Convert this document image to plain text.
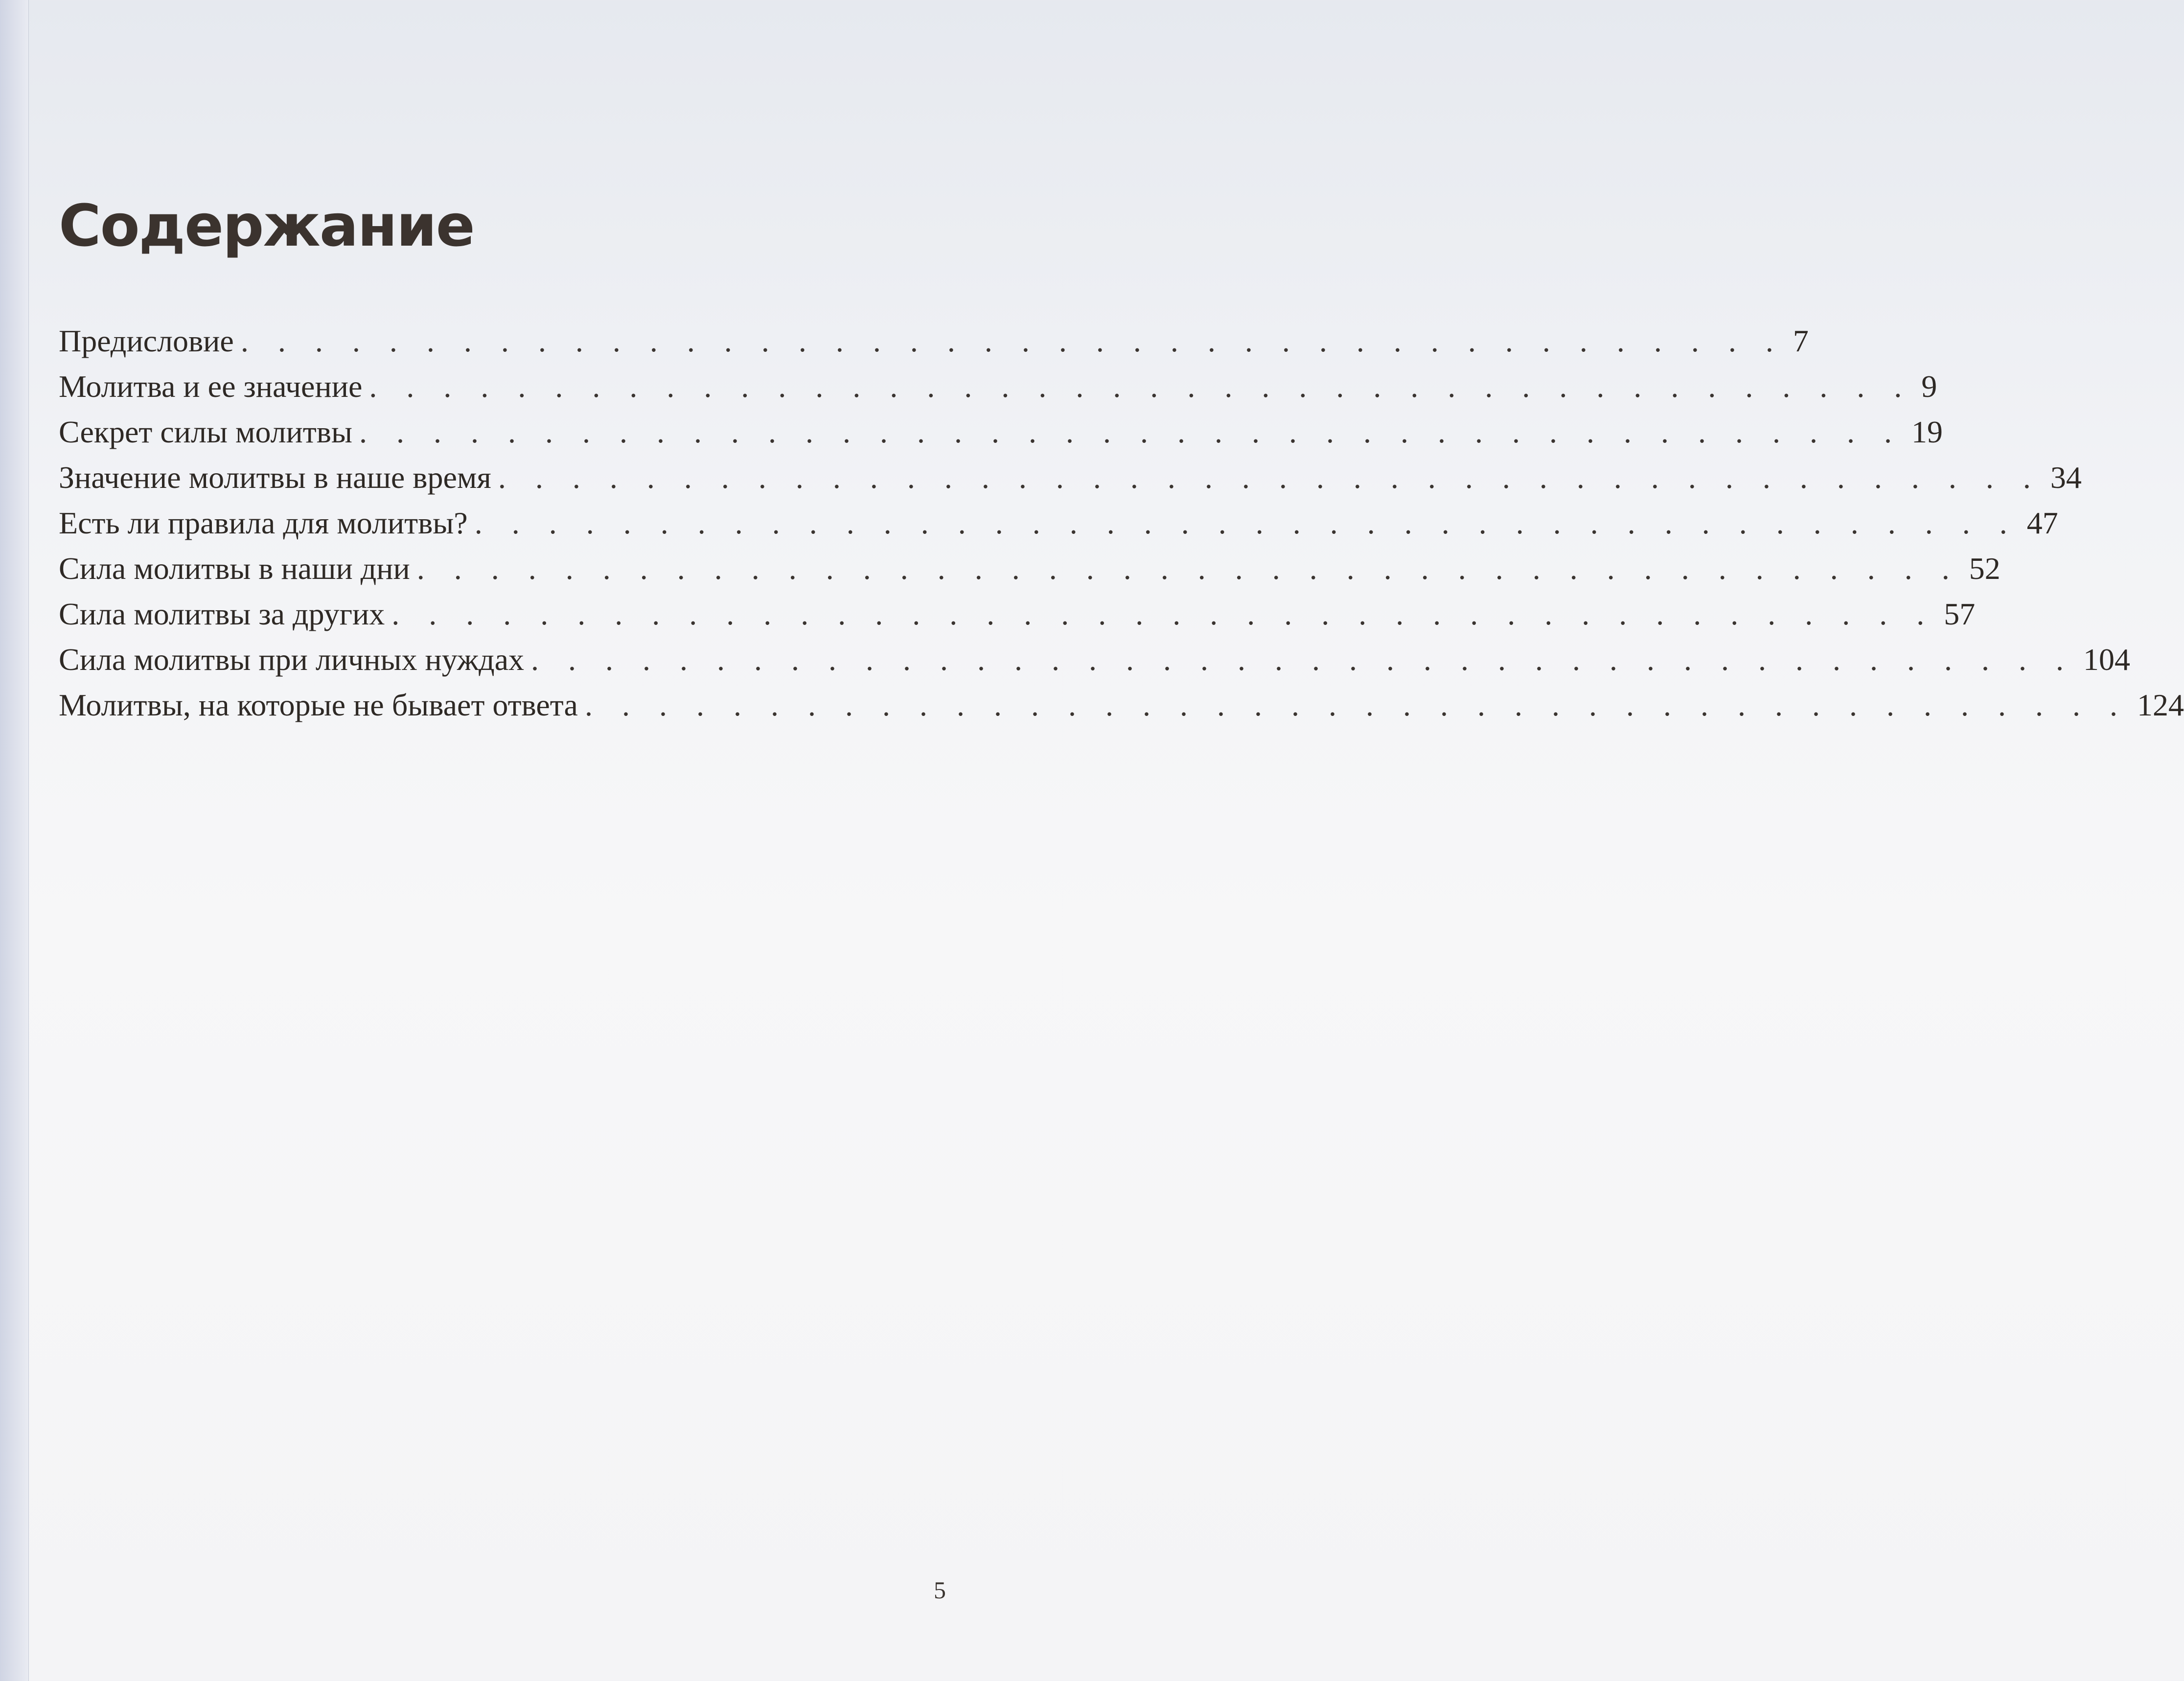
Содержание
Предисловие . . . . . . . . . . . . . . . . . . . . . . . . . . . . . . . . . . . . . . . . . . 7
Молитва и ее значение . . . . . . . . . . . . . . . . . . . . . . . . . . . . . . . . . . . . . . . . . . 9
Секрет силы молитвы . . . . . . . . . . . . . . . . . . . . . . . . . . . . . . . . . . . . . . . . . . 19
Значение молитвы в наше время . . . . . . . . . . . . . . . . . . . . . . . . . . . . . . . . . . . . . . . . . . 34
Есть ли правила для молитвы? . . . . . . . . . . . . . . . . . . . . . . . . . . . . . . . . . . . . . . . . . . 47
Сила молитвы в наши дни . . . . . . . . . . . . . . . . . . . . . . . . . . . . . . . . . . . . . . . . . . 52
Сила молитвы за других . . . . . . . . . . . . . . . . . . . . . . . . . . . . . . . . . . . . . . . . . . 57
Сила молитвы при личных нуждах . . . . . . . . . . . . . . . . . . . . . . . . . . . . . . . . . . . . . . . . . . 104
Молитвы, на которые не бывает ответа . . . . . . . . . . . . . . . . . . . . . . . . . . . . . . . . . . . . . . . . . . 124
5
